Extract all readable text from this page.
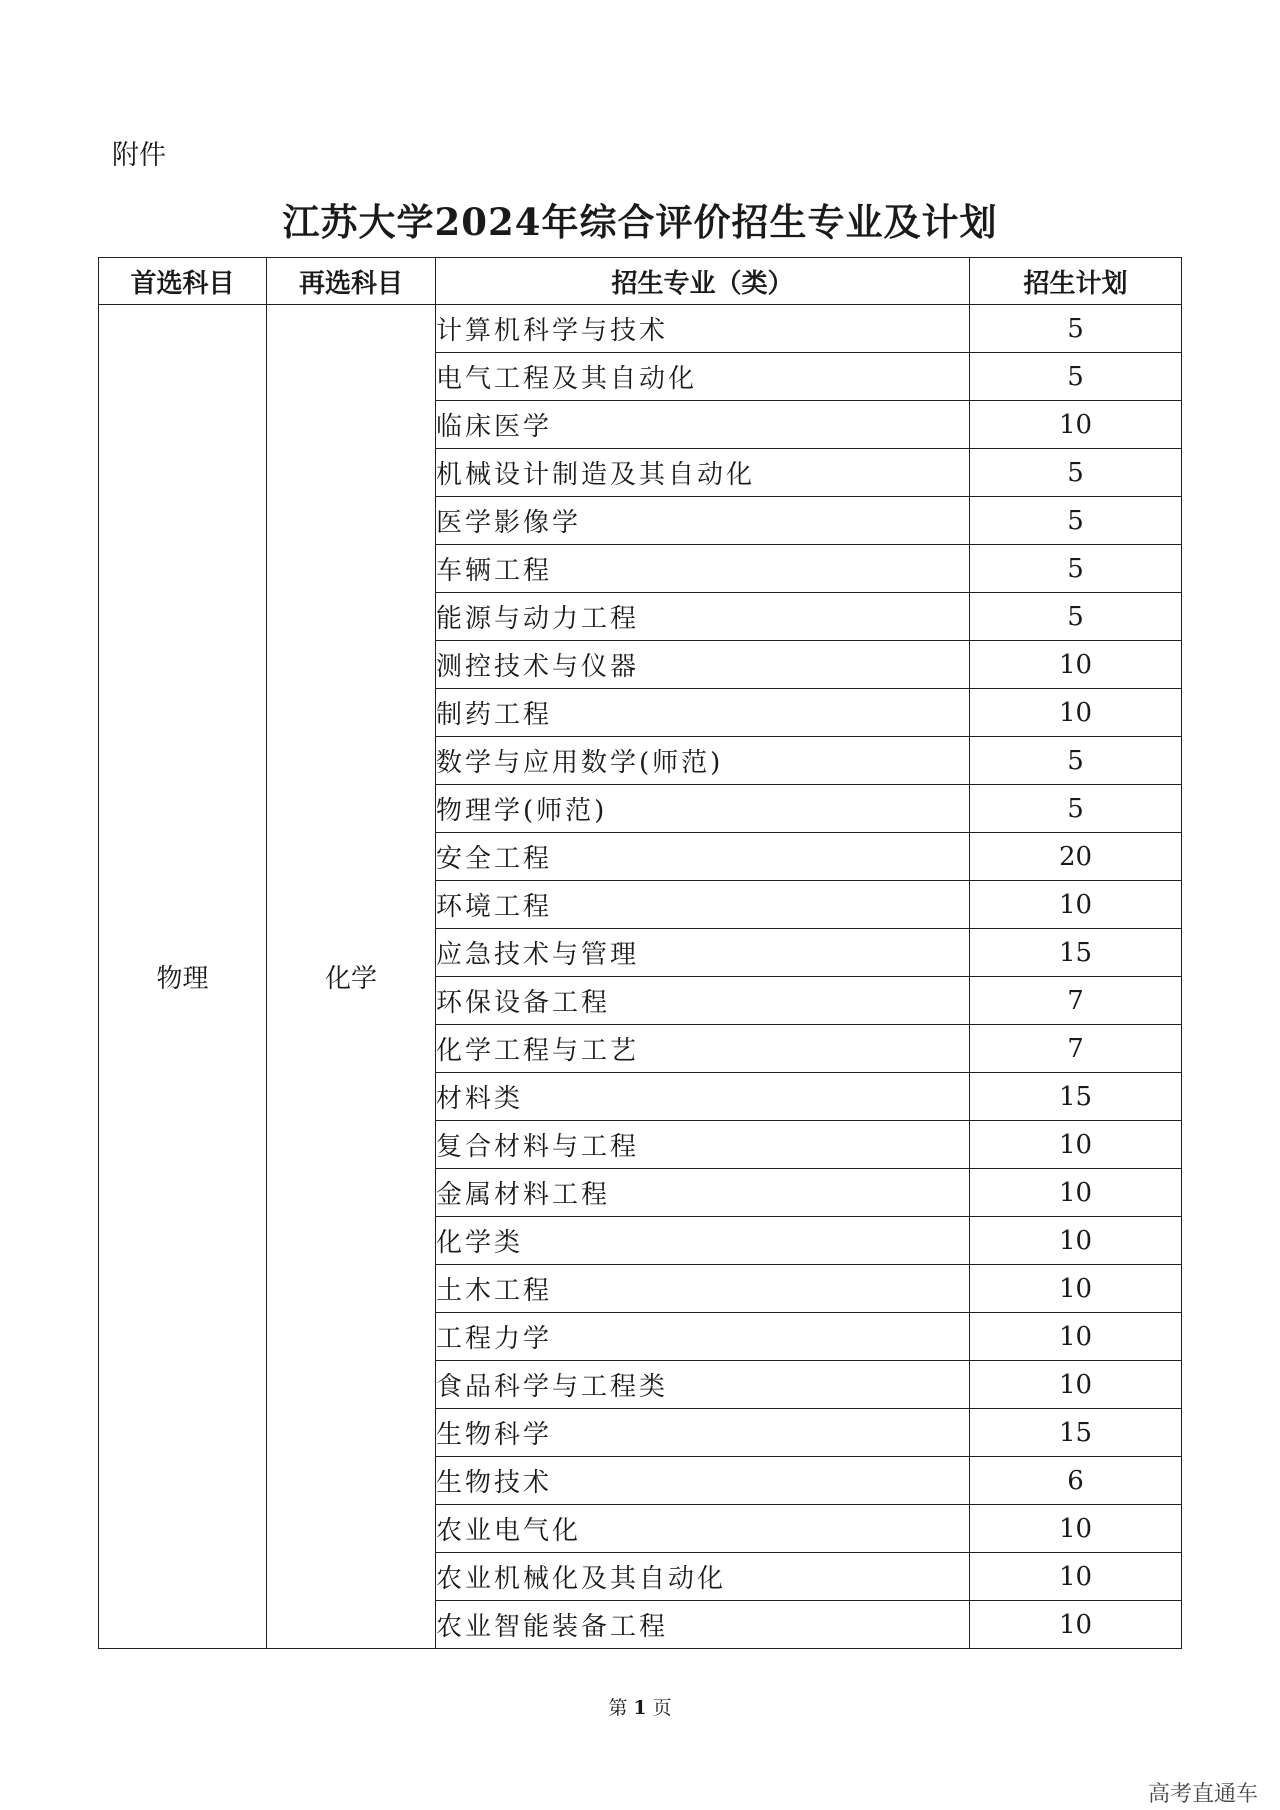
附件
江苏大学2024年综合评价招生专业及计划
首选科目	再选科目	招生专业（类）	招生计划
物理	化学	计算机科学与技术	5
		电气工程及其自动化	5
		临床医学	10
		机械设计制造及其自动化	5
		医学影像学	5
		车辆工程	5
		能源与动力工程	5
		测控技术与仪器	10
		制药工程	10
		数学与应用数学(师范)	5
		物理学(师范)	5
		安全工程	20
		环境工程	10
		应急技术与管理	15
		环保设备工程	7
		化学工程与工艺	7
		材料类	15
		复合材料与工程	10
		金属材料工程	10
		化学类	10
		土木工程	10
		工程力学	10
		食品科学与工程类	10
		生物科学	15
		生物技术	6
		农业电气化	10
		农业机械化及其自动化	10
		农业智能装备工程	10
第 1 页
高考直通车
